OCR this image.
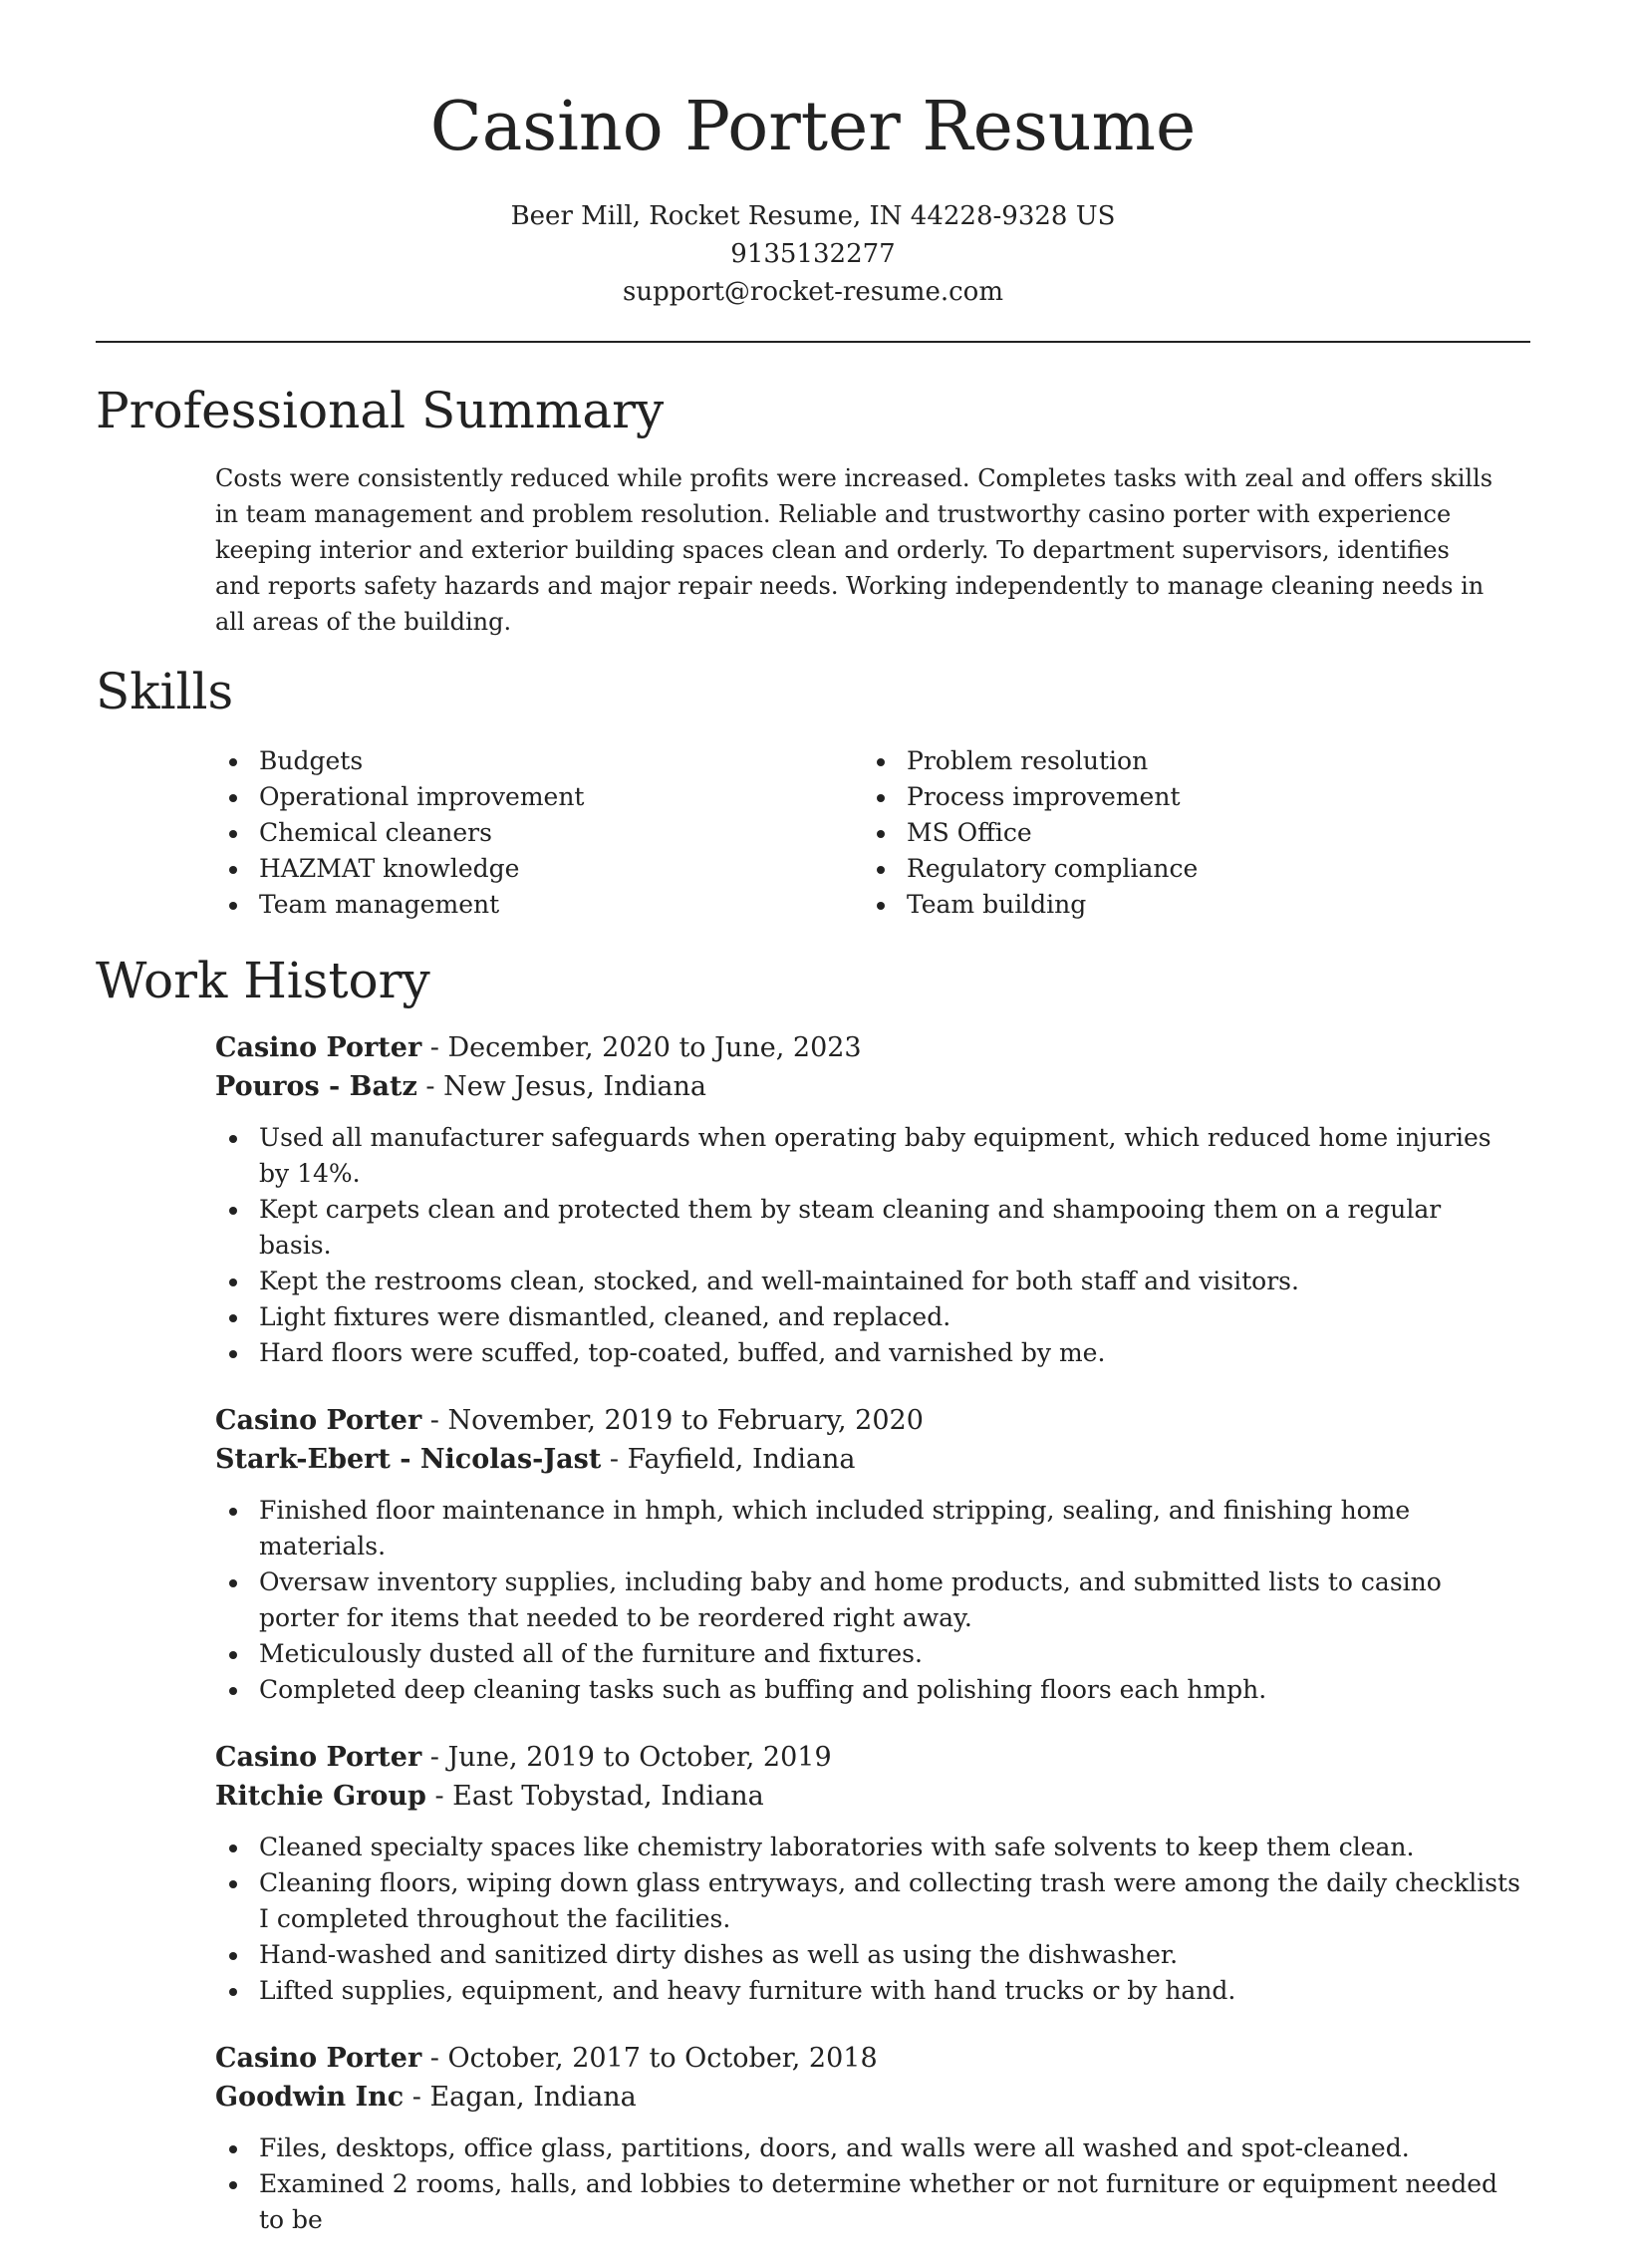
Casino Porter Resume
Beer Mill, Rocket Resume, IN 44228-9328 US
9135132277
support@rocket-resume.com
Professional Summary

Costs were consistently reduced while profits were increased. Completes tasks with zeal and offers skills in team management and problem resolution. Reliable and trustworthy casino porter with experience keeping interior and exterior building spaces clean and orderly. To department supervisors, identifies and reports safety hazards and major repair needs. Working independently to manage cleaning needs in all areas of the building.

Skills
Budgets
Operational improvement
Chemical cleaners
HAZMAT knowledge
Team management
Problem resolution
Process improvement
MS Office
Regulatory compliance
Team building
Work History

Casino Porter - December, 2020 to June, 2023

Pouros - Batz - New Jesus, Indiana

Used all manufacturer safeguards when operating baby equipment, which reduced home injuries by 14%.
Kept carpets clean and protected them by steam cleaning and shampooing them on a regular basis.
Kept the restrooms clean, stocked, and well-maintained for both staff and visitors.
Light fixtures were dismantled, cleaned, and replaced.
Hard floors were scuffed, top-coated, buffed, and varnished by me.

Casino Porter - November, 2019 to February, 2020

Stark-Ebert - Nicolas-Jast - Fayfield, Indiana

Finished floor maintenance in hmph, which included stripping, sealing, and finishing home materials.
Oversaw inventory supplies, including baby and home products, and submitted lists to casino porter for items that needed to be reordered right away.
Meticulously dusted all of the furniture and fixtures.
Completed deep cleaning tasks such as buffing and polishing floors each hmph.

Casino Porter - June, 2019 to October, 2019

Ritchie Group - East Tobystad, Indiana

Cleaned specialty spaces like chemistry laboratories with safe solvents to keep them clean.
Cleaning floors, wiping down glass entryways, and collecting trash were among the daily checklists I completed throughout the facilities.
Hand-washed and sanitized dirty dishes as well as using the dishwasher.
Lifted supplies, equipment, and heavy furniture with hand trucks or by hand.

Casino Porter - October, 2017 to October, 2018

Goodwin Inc - Eagan, Indiana

Files, desktops, office glass, partitions, doors, and walls were all washed and spot-cleaned.
Examined 2 rooms, halls, and lobbies to determine whether or not furniture or equipment needed to be
